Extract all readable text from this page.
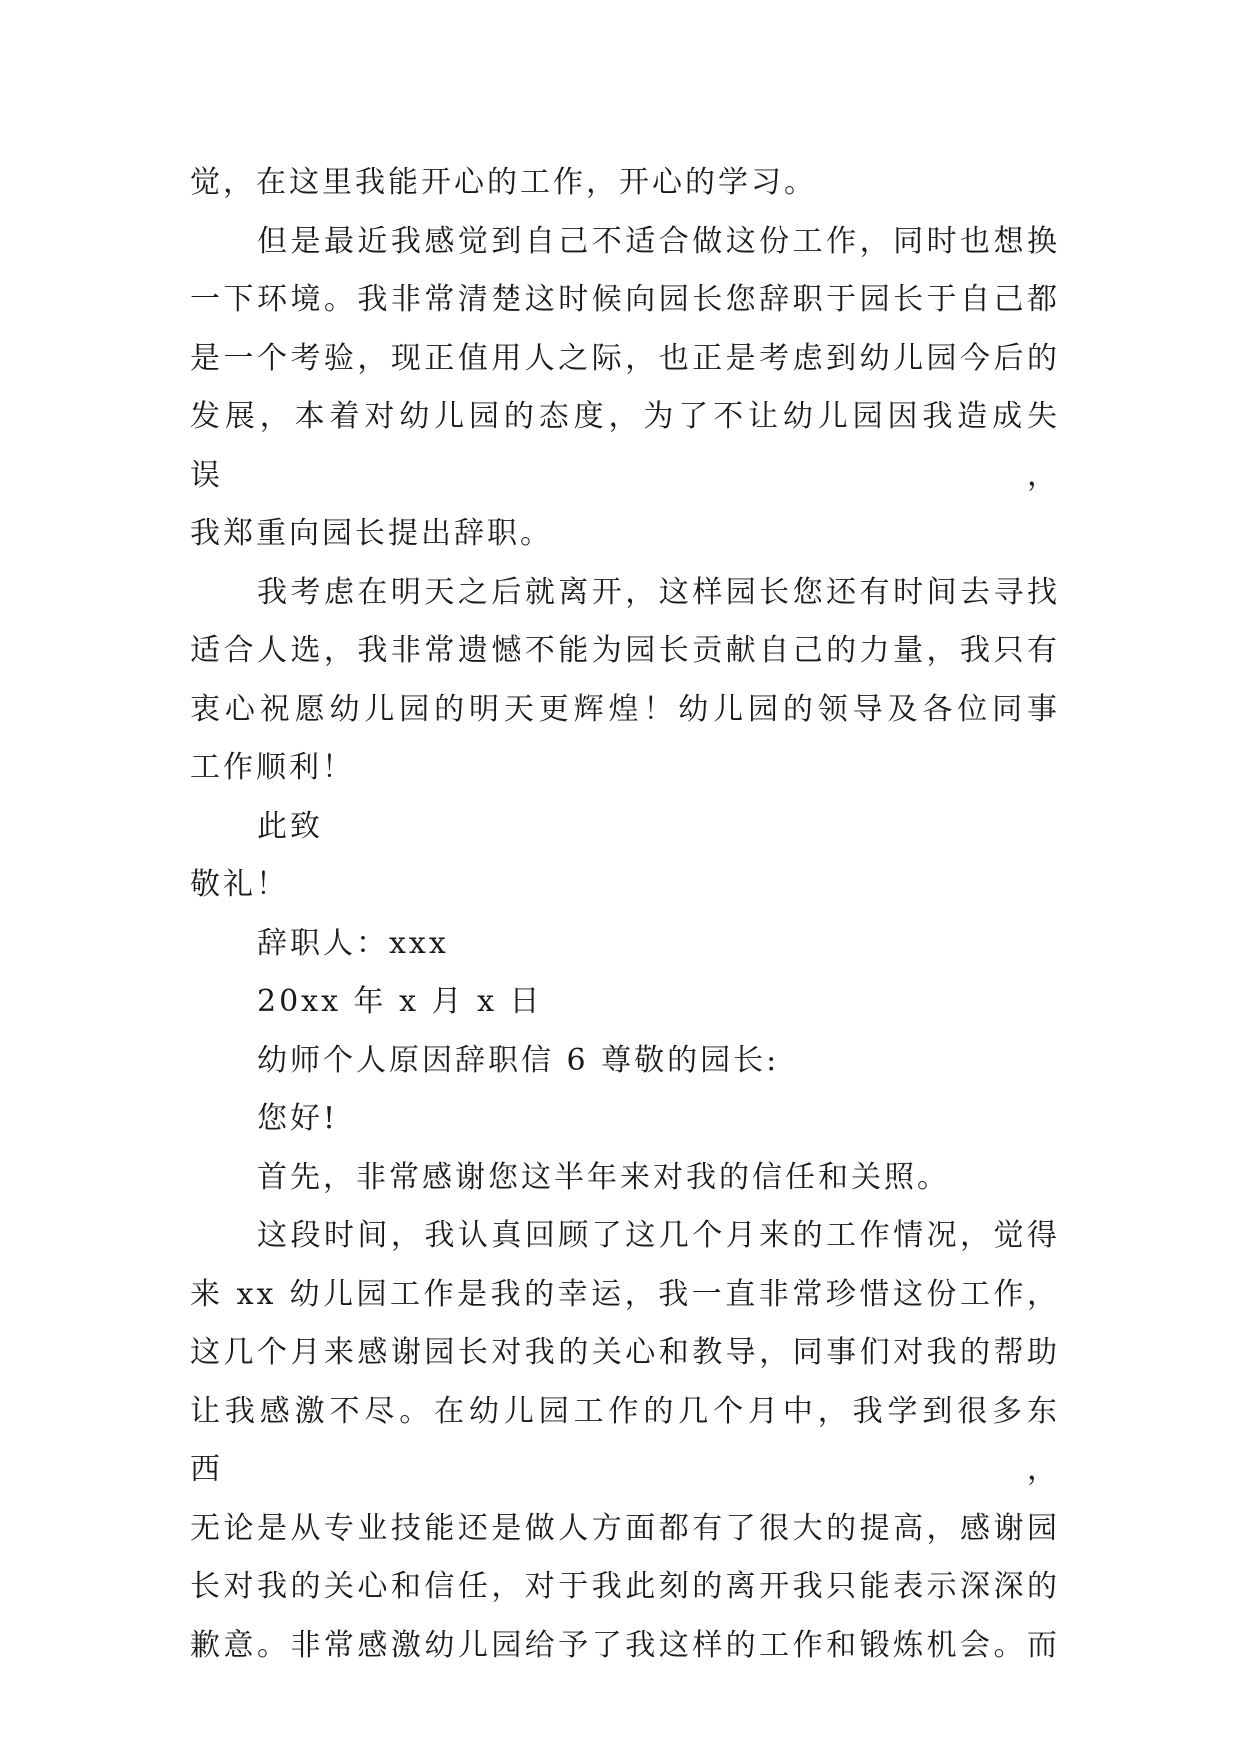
觉，在这里我能开心的工作，开心的学习。

但是最近我感觉到自己不适合做这份工作，同时也想换

一下环境。我非常清楚这时候向园长您辞职于园长于自己都

是一个考验，现正值用人之际，也正是考虑到幼儿园今后的

发展，本着对幼儿园的态度，为了不让幼儿园因我造成失误，

我郑重向园长提出辞职。

我考虑在明天之后就离开，这样园长您还有时间去寻找

适合人选，我非常遗憾不能为园长贡献自己的力量，我只有

衷心祝愿幼儿园的明天更辉煌！幼儿园的领导及各位同事

工作顺利！

此致

敬礼！

辞职人：xxx

20xx 年 x 月 x 日

幼师个人原因辞职信 6 尊敬的园长:

您好!

首先，非常感谢您这半年来对我的信任和关照。

这段时间，我认真回顾了这几个月来的工作情况，觉得

来 xx 幼儿园工作是我的幸运，我一直非常珍惜这份工作，

这几个月来感谢园长对我的关心和教导，同事们对我的帮助

让我感激不尽。在幼儿园工作的几个月中，我学到很多东西，

无论是从专业技能还是做人方面都有了很大的提高，感谢园

长对我的关心和信任，对于我此刻的离开我只能表示深深的

歉意。非常感激幼儿园给予了我这样的工作和锻炼机会。而
